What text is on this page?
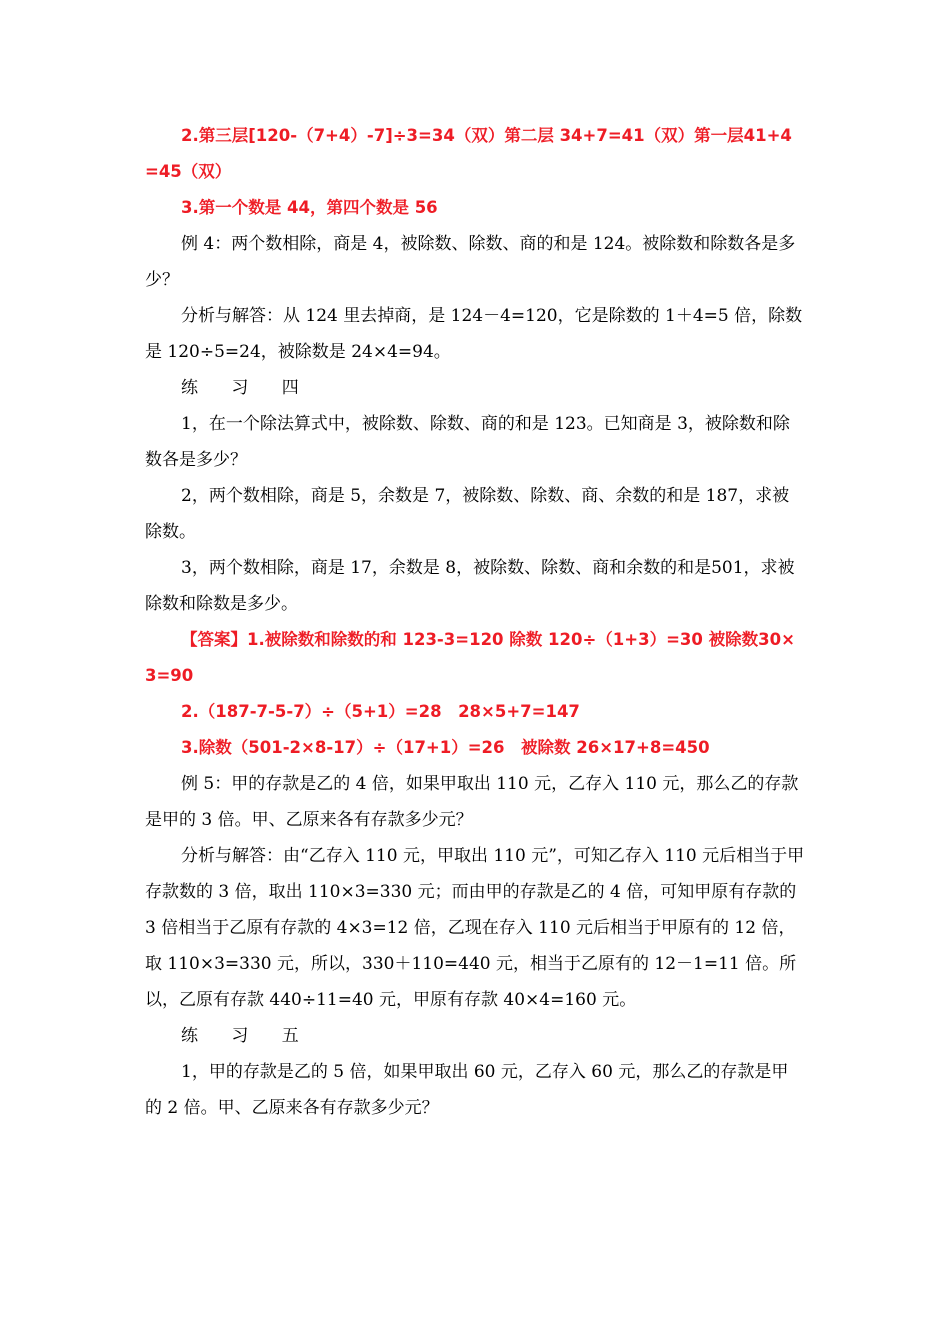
2.第三层[120-（7+4）-7]÷3=34（双）第二层 34+7=41（双）第一层41+4=45（双）

3.第一个数是 44，第四个数是 56

例 4：两个数相除，商是 4，被除数、除数、商的和是 124。被除数和除数各是多少？

分析与解答：从 124 里去掉商，是 124－4=120，它是除数的 1＋4=5 倍，除数是 120÷5=24，被除数是 24×4=94。

练 习 四

1，在一个除法算式中，被除数、除数、商的和是 123。已知商是 3，被除数和除数各是多少？

2，两个数相除，商是 5，余数是 7，被除数、除数、商、余数的和是 187，求被除数。

3，两个数相除，商是 17，余数是 8，被除数、除数、商和余数的和是501，求被除数和除数是多少。

【答案】1.被除数和除数的和 123-3=120 除数 120÷（1+3）=30 被除数30×3=90

2.（187-7-5-7）÷（5+1）=28　28×5+7=147

3.除数（501-2×8-17）÷（17+1）=26　被除数 26×17+8=450

例 5：甲的存款是乙的 4 倍，如果甲取出 110 元，乙存入 110 元，那么乙的存款是甲的 3 倍。甲、乙原来各有存款多少元？

分析与解答：由“乙存入 110 元，甲取出 110 元”，可知乙存入 110 元后相当于甲存款数的 3 倍，取出 110×3=330 元；而由甲的存款是乙的 4 倍，可知甲原有存款的 3 倍相当于乙原有存款的 4×3=12 倍，乙现在存入 110 元后相当于甲原有的 12 倍，取 110×3=330 元，所以，330＋110=440 元，相当于乙原有的 12－1=11 倍。所以，乙原有存款 440÷11=40 元，甲原有存款 40×4=160 元。

练 习 五

1，甲的存款是乙的 5 倍，如果甲取出 60 元，乙存入 60 元，那么乙的存款是甲的 2 倍。甲、乙原来各有存款多少元？
